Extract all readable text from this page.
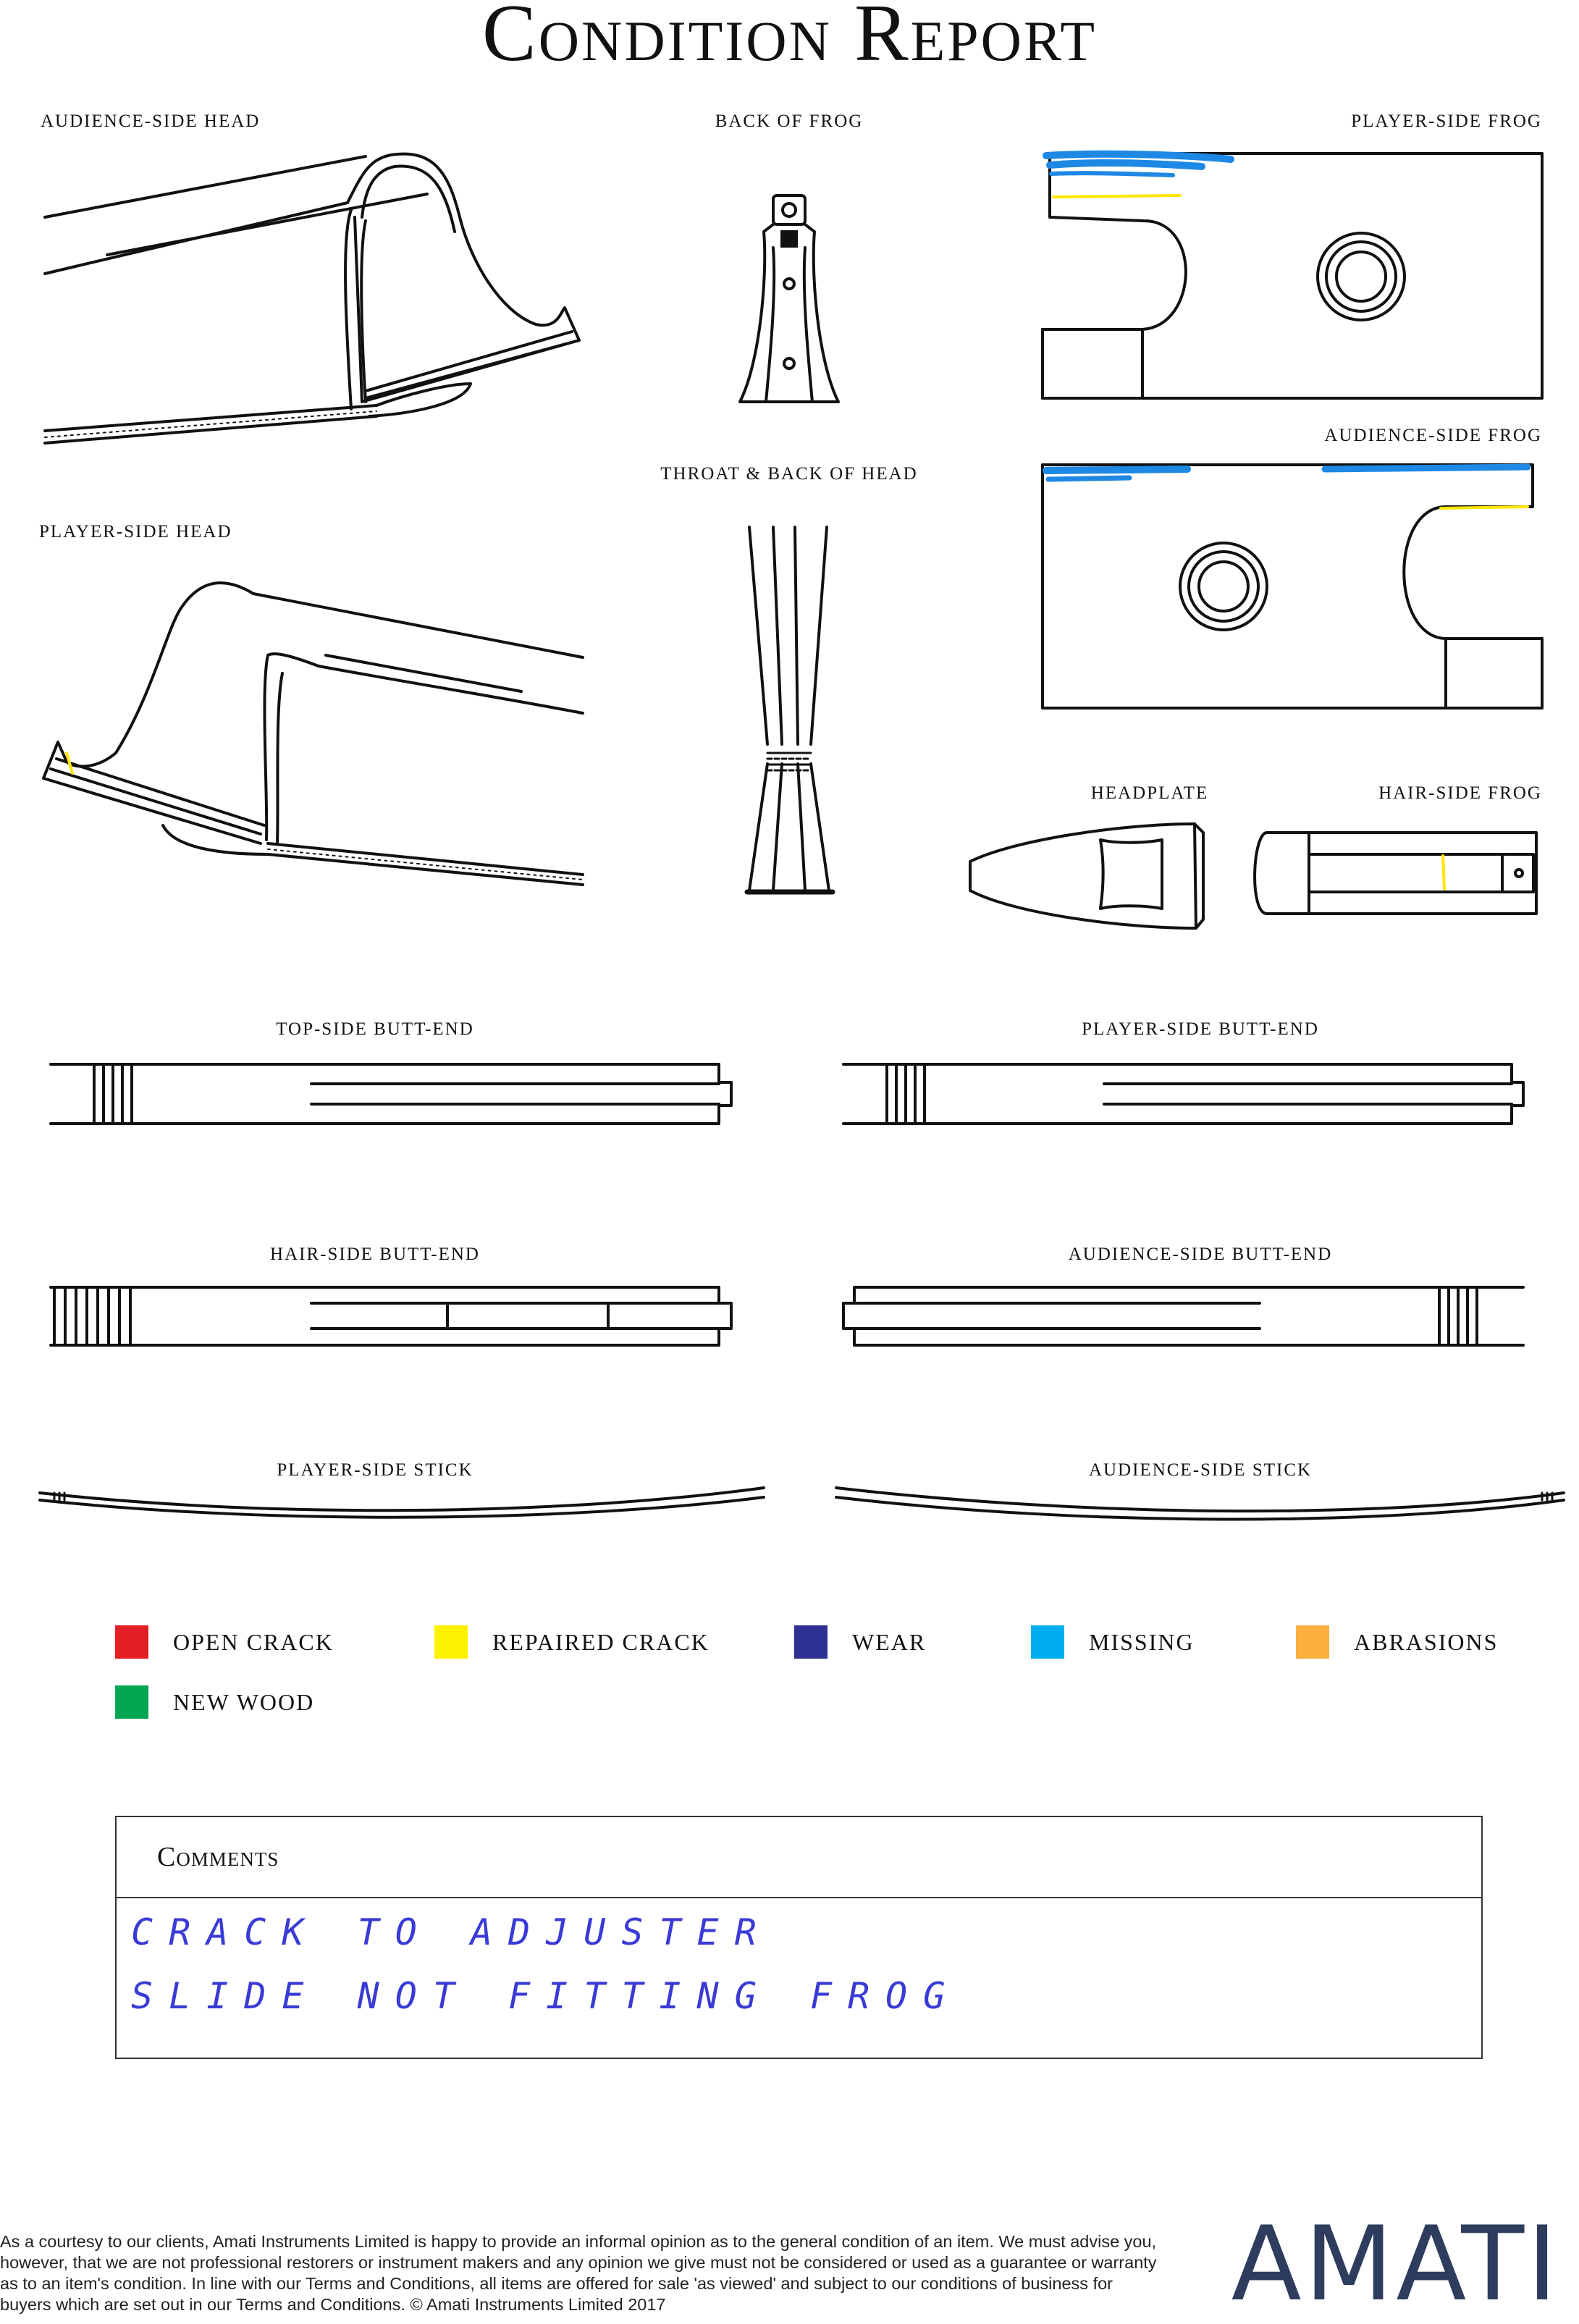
Condition Report
AUDIENCE-SIDE HEAD	BACK OF FROG	PLAYER-SIDE FROG
AUDIENCE-SIDE FROG
THROAT & BACK OF HEAD
PLAYER-SIDE HEAD
HEADPLATE	HAIR-SIDE FROG
TOP-SIDE BUTT-END	PLAYER-SIDE BUTT-END
HAIR-SIDE BUTT-END	AUDIENCE-SIDE BUTT-END
PLAYER-SIDE STICK	AUDIENCE-SIDE STICK
OPEN CRACK	REPAIRED CRACK	WEAR	MISSING	ABRASIONS
NEW WOOD
Comments
CRACK TO ADJUSTER
SLIDE NOT FITTING FROG
As a courtesy to our clients, Amati Instruments Limited is happy to provide an informal opinion as to the general condition of an item. We must advise you, however, that we are not professional restorers or instrument makers and any opinion we give must not be considered or used as a guarantee or warranty as to an item's condition. In line with our Terms and Conditions, all items are offered for sale 'as viewed' and subject to our conditions of business for buyers which are set out in our Terms and Conditions. © Amati Instruments Limited 2017	AMATI
